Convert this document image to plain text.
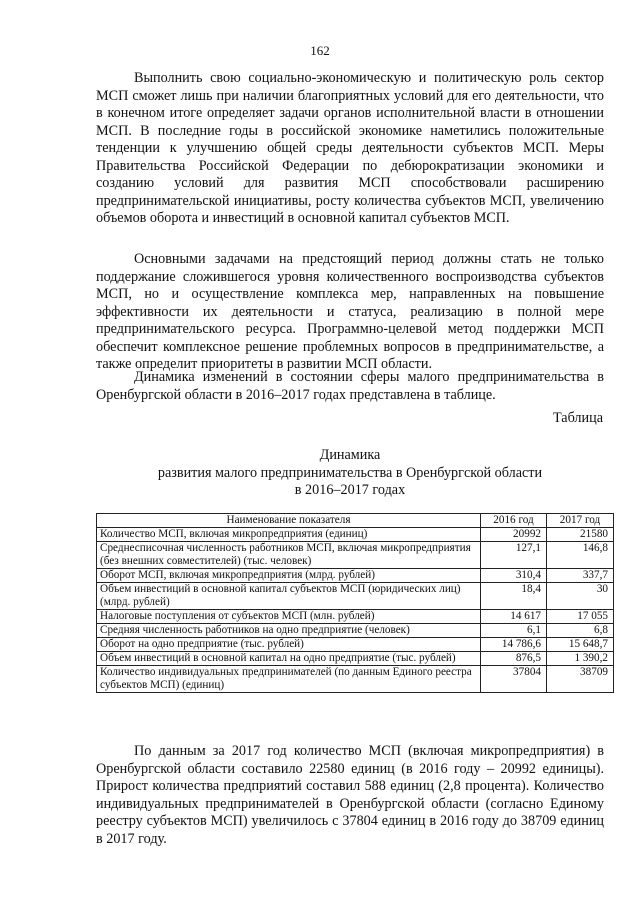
162

Выполнить свою социально-экономическую и политическую роль сектор МСП сможет лишь при наличии благоприятных условий для его деятельности, что в конечном итоге определяет задачи органов исполнительной власти в отношении МСП. В последние годы в российской экономике наметились положительные тенденции к улучшению общей среды деятельности субъектов МСП. Меры Правительства Российской Федерации по дебюрократизации экономики и созданию условий для развития МСП способствовали расширению предпринимательской инициативы, росту количества субъектов МСП, увеличению объемов оборота и инвестиций в основной капитал субъектов МСП.

Основными задачами на предстоящий период должны стать не только поддержание сложившегося уровня количественного воспроизводства субъектов МСП, но и осуществление комплекса мер, направленных на повышение эффективности их деятельности и статуса, реализацию в полной мере предпринимательского ресурса. Программно-целевой метод поддержки МСП обеспечит комплексное решение проблемных вопросов в предпринимательстве, а также определит приоритеты в развитии МСП области.

Динамика изменений в состоянии сферы малого предпринимательства в Оренбургской области в 2016–2017 годах представлена в таблице.

Таблица
Динамика
развития малого предпринимательства в Оренбургской области
в 2016–2017 годах
Наименование показателя	2016 год	2017 год
Количество МСП, включая микропредприятия (единиц)	20992	21580
Среднесписочная численность работников МСП, включая микропредприятия (без внешних совместителей) (тыс. человек)	127,1	146,8
Оборот МСП, включая микропредприятия (млрд. рублей)	310,4	337,7
Объем инвестиций в основной капитал субъектов МСП (юридических лиц) (млрд. рублей)	18,4	30
Налоговые поступления от субъектов МСП (млн. рублей)	14 617	17 055
Средняя численность работников на одно предприятие (человек)	6,1	6,8
Оборот на одно предприятие (тыс. рублей)	14 786,6	15 648,7
Объем инвестиций в основной капитал на одно предприятие (тыс. рублей)	876,5	1 390,2
Количество индивидуальных предпринимателей (по данным Единого реестра субъектов МСП) (единиц)	37804	38709

По данным за 2017 год количество МСП (включая микропредприятия) в Оренбургской области составило 22580 единиц (в 2016 году – 20992 единицы). Прирост количества предприятий составил 588 единиц (2,8 процента). Количество индивидуальных предпринимателей в Оренбургской области (согласно Единому реестру субъектов МСП) увеличилось с 37804 единиц в 2016 году до 38709 единиц в 2017 году.
